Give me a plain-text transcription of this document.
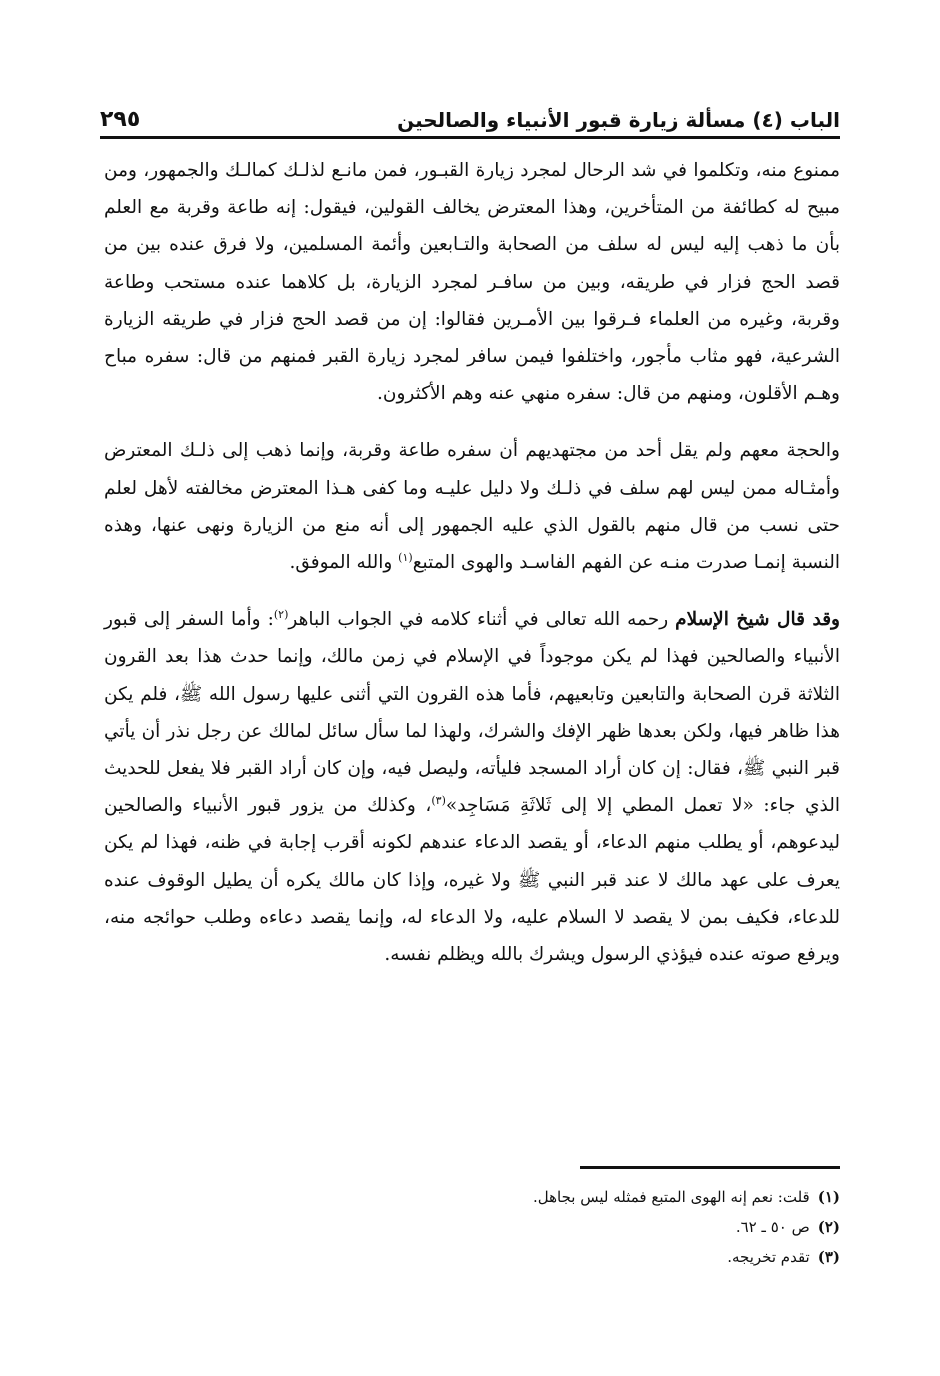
الباب (٤) مسألة زيارة قبور الأنبياء والصالحين
٢٩٥

ممنوع منه، وتكلموا في شد الرحال لمجرد زيارة القبـور، فمن مانـع لذلـك كمالـك والجمهور، ومن مبيح له كطائفة من المتأخرين، وهذا المعترض يخالف القولين، فيقول: إنه طاعة وقربة مع العلم بأن ما ذهب إليه ليس له سلف من الصحابة والتـابعين وأئمة المسلمين، ولا فرق عنده بين من قصد الحج فزار في طريقه، وبين من سافـر لمجرد الزيارة، بل كلاهما عنده مستحب وطاعة وقربة، وغيره من العلماء فـرقوا بين الأمـرين فقالوا: إن من قصد الحج فزار في طريقه الزيارة الشرعية، فهو مثاب مأجور، واختلفوا فيمن سافر لمجرد زيارة القبر فمنهم من قال: سفره مباح وهـم الأقلون، ومنهم من قال: سفره منهي عنه وهم الأكثرون.

والحجة معهم ولم يقل أحد من مجتهديهم أن سفره طاعة وقربة، وإنما ذهب إلى ذلـك المعترض وأمثـاله ممن ليس لهم سلف في ذلـك ولا دليل عليـه وما كفى هـذا المعترض مخالفته لأهل لعلم حتى نسب من قال منهم بالقول الذي عليه الجمهور إلى أنه منع من الزيارة ونهى عنها، وهذه النسبة إنمـا صدرت منـه عن الفهم الفاسـد والهوى المتبع$^{(١)}$ والله الموفق.

وقد قال شيخ الإسلام رحمه الله تعالى في أثناء كلامه في الجواب الباهر$^{(٢)}$: وأما السفر إلى قبور الأنبياء والصالحين فهذا لم يكن موجوداً في الإسلام في زمن مالك، وإنما حدث هذا بعد القرون الثلاثة قرن الصحابة والتابعين وتابعيهم، فأما هذه القرون التي أثنى عليها رسول الله ﷺ، فلم يكن هذا ظاهر فيها، ولكن بعدها ظهر الإفك والشرك، ولهذا لما سأل سائل لمالك عن رجل نذر أن يأتي قبر النبي ﷺ، فقال: إن كان أراد المسجد فليأته، وليصل فيه، وإن كان أراد القبر فلا يفعل للحديث الذي جاء: «لا تعمل المطي إلا إلى ثَلاثَةِ مَسَاجِد»$^{(٣)}$، وكذلك من يزور قبور الأنبياء والصالحين ليدعوهم، أو يطلب منهم الدعاء، أو يقصد الدعاء عندهم لكونه أقرب إجابة في ظنه، فهذا لم يكن يعرف على عهد مالك لا عند قبر النبي ﷺ ولا غيره، وإذا كان مالك يكره أن يطيل الوقوف عنده للدعاء، فكيف بمن لا يقصد لا السلام عليه، ولا الدعاء له، وإنما يقصد دعاءه وطلب حوائجه منه، ويرفع صوته عنده فيؤذي الرسول ويشرك بالله ويظلم نفسه.

(١)
قلت: نعم إنه الهوى المتبع فمثله ليس بجاهل.
(٢)
ص ٥٠ ـ ٦٢.
(٣)
تقدم تخريجه.
